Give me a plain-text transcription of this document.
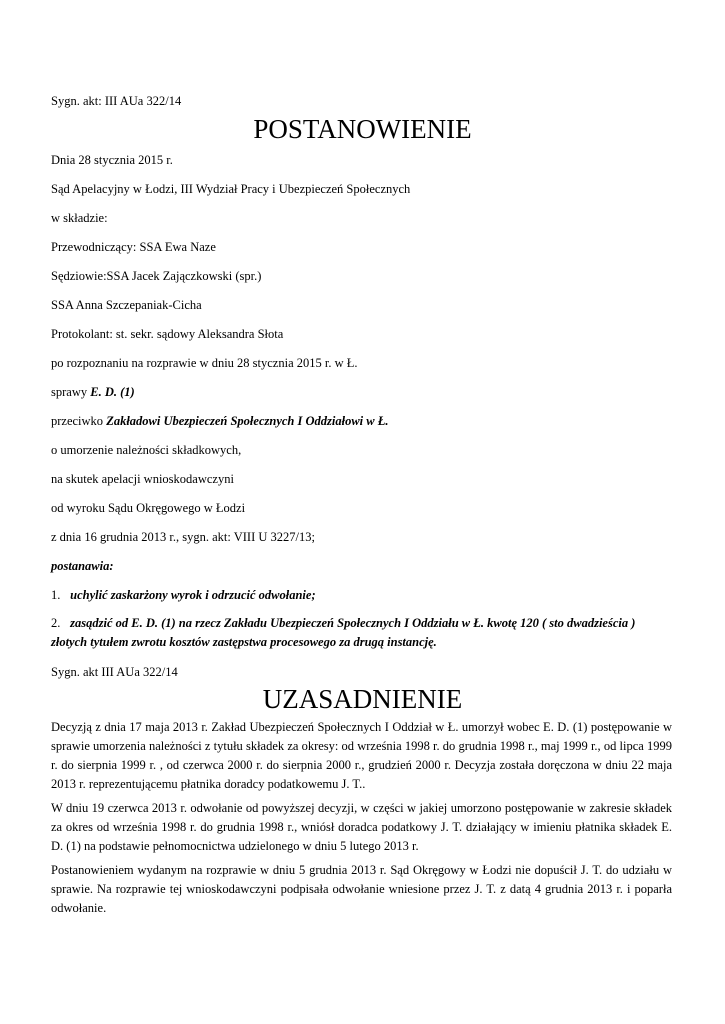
Sygn. akt: III AUa 322/14
POSTANOWIENIE
Dnia 28 stycznia 2015 r.
Sąd Apelacyjny w Łodzi, III Wydział Pracy i Ubezpieczeń Społecznych
w składzie:
Przewodniczący: SSA Ewa Naze
Sędziowie:SSA Jacek Zajączkowski (spr.)
SSA Anna Szczepaniak-Cicha
Protokolant: st. sekr. sądowy Aleksandra Słota
po rozpoznaniu na rozprawie w dniu 28 stycznia 2015 r. w Ł.
sprawy E. D. (1)
przeciwko Zakładowi Ubezpieczeń Społecznych I Oddziałowi w Ł.
o umorzenie należności składkowych,
na skutek apelacji wnioskodawczyni
od wyroku Sądu Okręgowego w Łodzi
z dnia 16 grudnia 2013 r., sygn. akt: VIII U 3227/13;
postanawia:
1. uchylić zaskarżony wyrok i odrzucić odwołanie;
2. zasądzić od E. D. (1) na rzecz Zakładu Ubezpieczeń Społecznych I Oddziału w Ł. kwotę 120 ( sto dwadzieścia ) złotych tytułem zwrotu kosztów zastępstwa procesowego za drugą instancję.
Sygn. akt III AUa 322/14
UZASADNIENIE
Decyzją z dnia 17 maja 2013 r. Zakład Ubezpieczeń Społecznych I Oddział w Ł. umorzył wobec E. D. (1) postępowanie w sprawie umorzenia należności z tytułu składek za okresy: od września 1998 r. do grudnia 1998 r., maj 1999 r., od lipca 1999 r. do sierpnia 1999 r. , od czerwca 2000 r. do sierpnia 2000 r., grudzień 2000 r. Decyzja została doręczona w dniu 22 maja 2013 r. reprezentującemu płatnika doradcy podatkowemu J. T..
W dniu 19 czerwca 2013 r. odwołanie od powyższej decyzji, w części w jakiej umorzono postępowanie w zakresie składek za okres od września 1998 r. do grudnia 1998 r., wniósł doradca podatkowy J. T. działający w imieniu płatnika składek E. D. (1) na podstawie pełnomocnictwa udzielonego w dniu 5 lutego 2013 r.
Postanowieniem wydanym na rozprawie w dniu 5 grudnia 2013 r. Sąd Okręgowy w Łodzi nie dopuścił J. T. do udziału w sprawie. Na rozprawie tej wnioskodawczyni podpisała odwołanie wniesione przez J. T. z datą 4 grudnia 2013 r. i poparła odwołanie.
